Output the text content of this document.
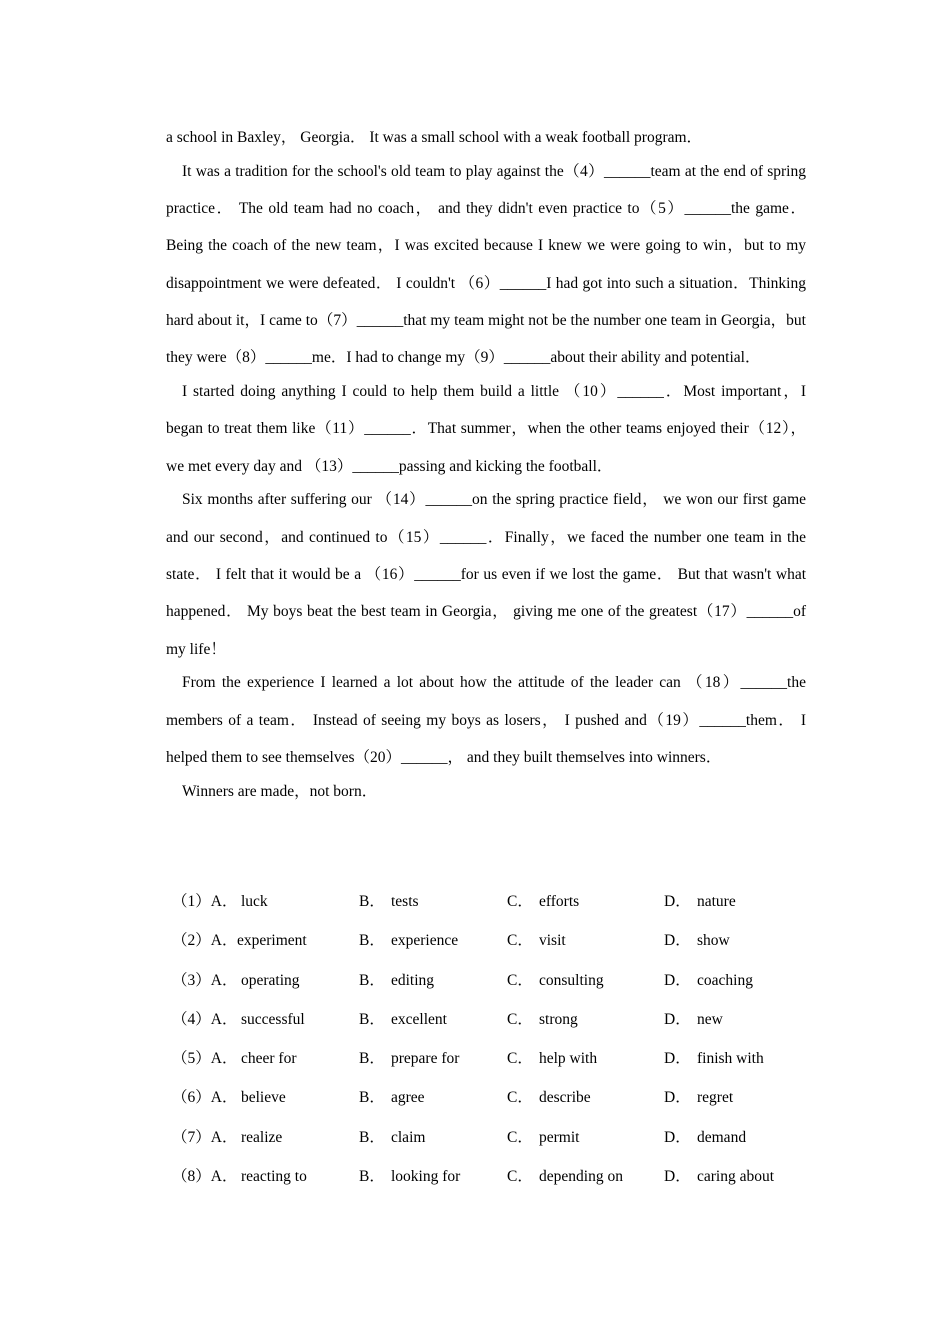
a school in Baxley， Georgia． It was a small school with a weak football program．

It was a tradition for the school's old team to play against the（4）______team at the end of spring practice． The old team had no coach， and they didn't even practice to（5）______the game．Being the coach of the new team，I was excited because I knew we were going to win，but to my disappointment we were defeated． I couldn't （6）______I had got into such a situation．Thinking hard about it，I came to（7）______that my team might not be the number one team in Georgia，but they were（8）______me．I had to change my（9）______about their ability and potential．

I started doing anything I could to help them build a little （10）______．Most important，I began to treat them like（11）______．That summer，when the other teams enjoyed their（12），we met every day and （13）______passing and kicking the football．

Six months after suffering our （14）______on the spring practice field， we won our first game and our second，and continued to（15）______．Finally，we faced the number one team in the state． I felt that it would be a （16）______for us even if we lost the game． But that wasn't what happened． My boys beat the best team in Georgia， giving me one of the greatest（17）______of my life！

From the experience I learned a lot about how the attitude of the leader can （18）______the members of a team． Instead of seeing my boys as losers， I pushed and（19）______them． I helped them to see themselves（20）______， and they built themselves into winners．

Winners are made，not born．

（1）A． luck	B． tests	C． efforts	D． nature
（2）A． experiment	B． experience	C． visit	D． show
（3）A． operating	B． editing	C． consulting	D． coaching
（4）A． successful	B． excellent	C． strong	D． new
（5）A． cheer for	B． prepare for	C． help with	D． finish with
（6）A． believe	B． agree	C． describe	D． regret
（7）A． realize	B． claim	C． permit	D． demand
（8）A． reacting to	B． looking for	C． depending on	D． caring about
